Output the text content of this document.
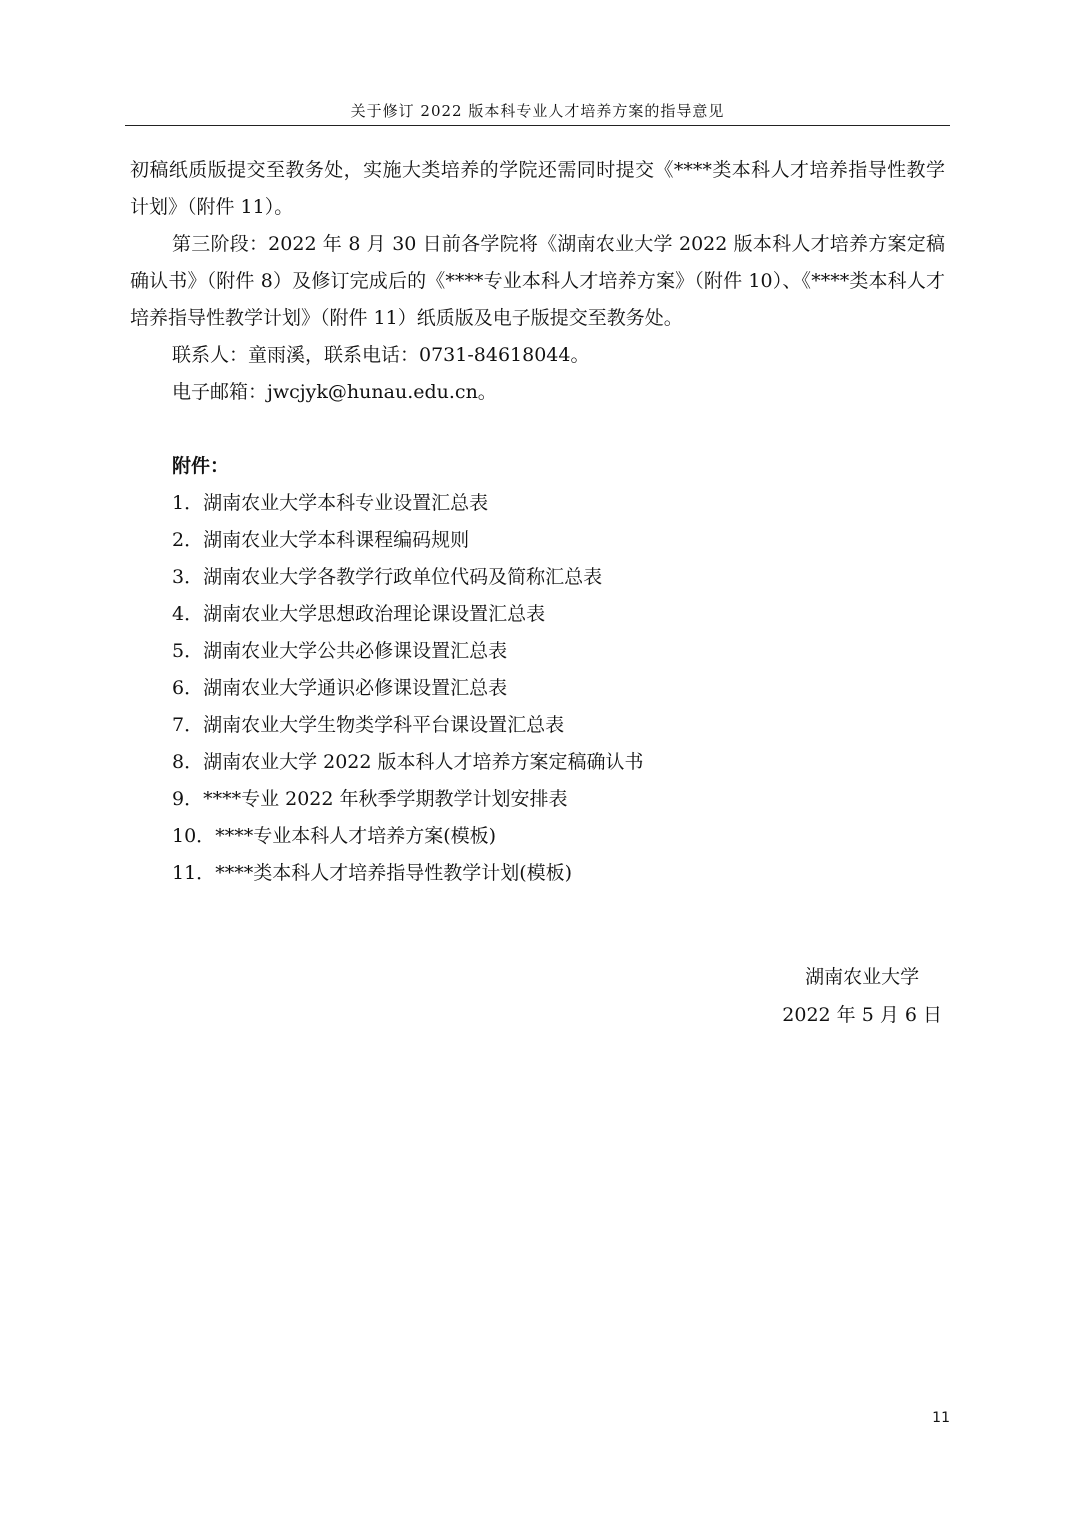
关于修订 2022 版本科专业人才培养方案的指导意见

初稿纸质版提交至教务处，实施大类培养的学院还需同时提交《****类本科人才培养指导性教学计划》（附件 11）。

第三阶段：2022 年 8 月 30 日前各学院将《湖南农业大学 2022 版本科人才培养方案定稿确认书》（附件 8）及修订完成后的《****专业本科人才培养方案》（附件 10）、《****类本科人才培养指导性教学计划》（附件 11）纸质版及电子版提交至教务处。

联系人：童雨溪，联系电话：0731-84618044。

电子邮箱：jwcjyk@hunau.edu.cn。

附件：
1．湖南农业大学本科专业设置汇总表
2．湖南农业大学本科课程编码规则
3．湖南农业大学各教学行政单位代码及简称汇总表
4．湖南农业大学思想政治理论课设置汇总表
5．湖南农业大学公共必修课设置汇总表
6．湖南农业大学通识必修课设置汇总表
7．湖南农业大学生物类学科平台课设置汇总表
8．湖南农业大学 2022 版本科人才培养方案定稿确认书
9．****专业 2022 年秋季学期教学计划安排表
10．****专业本科人才培养方案(模板)
11．****类本科人才培养指导性教学计划(模板)
湖南农业大学
2022 年 5 月 6 日
11
